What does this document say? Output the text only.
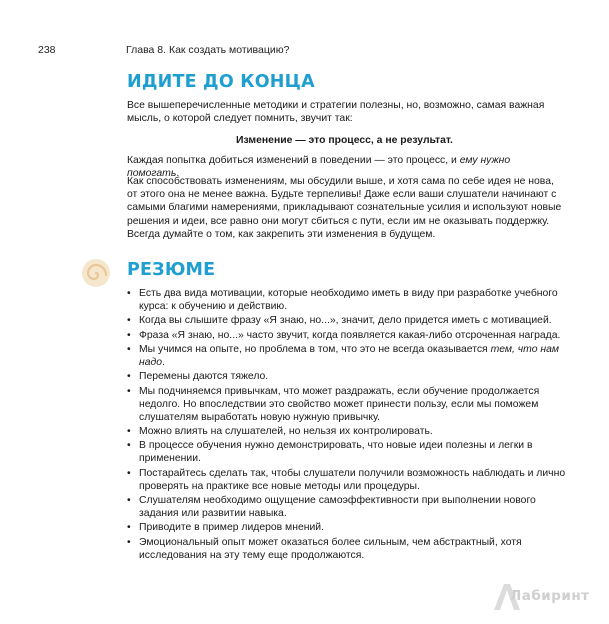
238	Глава 8. Как создать мотивацию?
ИДИТЕ ДО КОНЦА

Все вышеперечисленные методики и стратегии полезны, но, возможно, самая важная мысль, о которой следует помнить, звучит так:

Изменение — это процесс, а не результат.

Каждая попытка добиться изменений в поведении — это процесс, и ему нужно помогать.

Как способствовать изменениям, мы обсудили выше, и хотя сама по себе идея не нова, от этого она не менее важна. Будьте терпеливы! Даже если ваши слушатели начинают с самыми благими намерениями, прикладывают сознательные усилия и используют новые решения и идеи, все равно они могут сбиться с пути, если им не оказывать поддержку. Всегда думайте о том, как закрепить эти изменения в будущем.

РЕЗЮМЕ
• Есть два вида мотивации, которые необходимо иметь в виду при разработке учебного курса: к обучению и действию.
• Когда вы слышите фразу «Я знаю, но...», значит, дело придется иметь с мотивацией.
• Фраза «Я знаю, но...» часто звучит, когда появляется какая-либо отсроченная награда.
• Мы учимся на опыте, но проблема в том, что это не всегда оказывается тем, что нам надо.
• Перемены даются тяжело.
• Мы подчиняемся привычкам, что может раздражать, если обучение продолжается недолго. Но впоследствии это свойство может принести пользу, если мы поможем слушателям выработать новую нужную привычку.
• Можно влиять на слушателей, но нельзя их контролировать.
• В процессе обучения нужно демонстрировать, что новые идеи полезны и легки в применении.
• Постарайтесь сделать так, чтобы слушатели получили возможность наблюдать и лично проверять на практике все новые методы или процедуры.
• Слушателям необходимо ощущение самоэффективности при выполнении нового задания или развитии навыка.
• Приводите в пример лидеров мнений.
• Эмоциональный опыт может оказаться более сильным, чем абстрактный, хотя исследования на эту тему еще продолжаются.
Лабиринт
